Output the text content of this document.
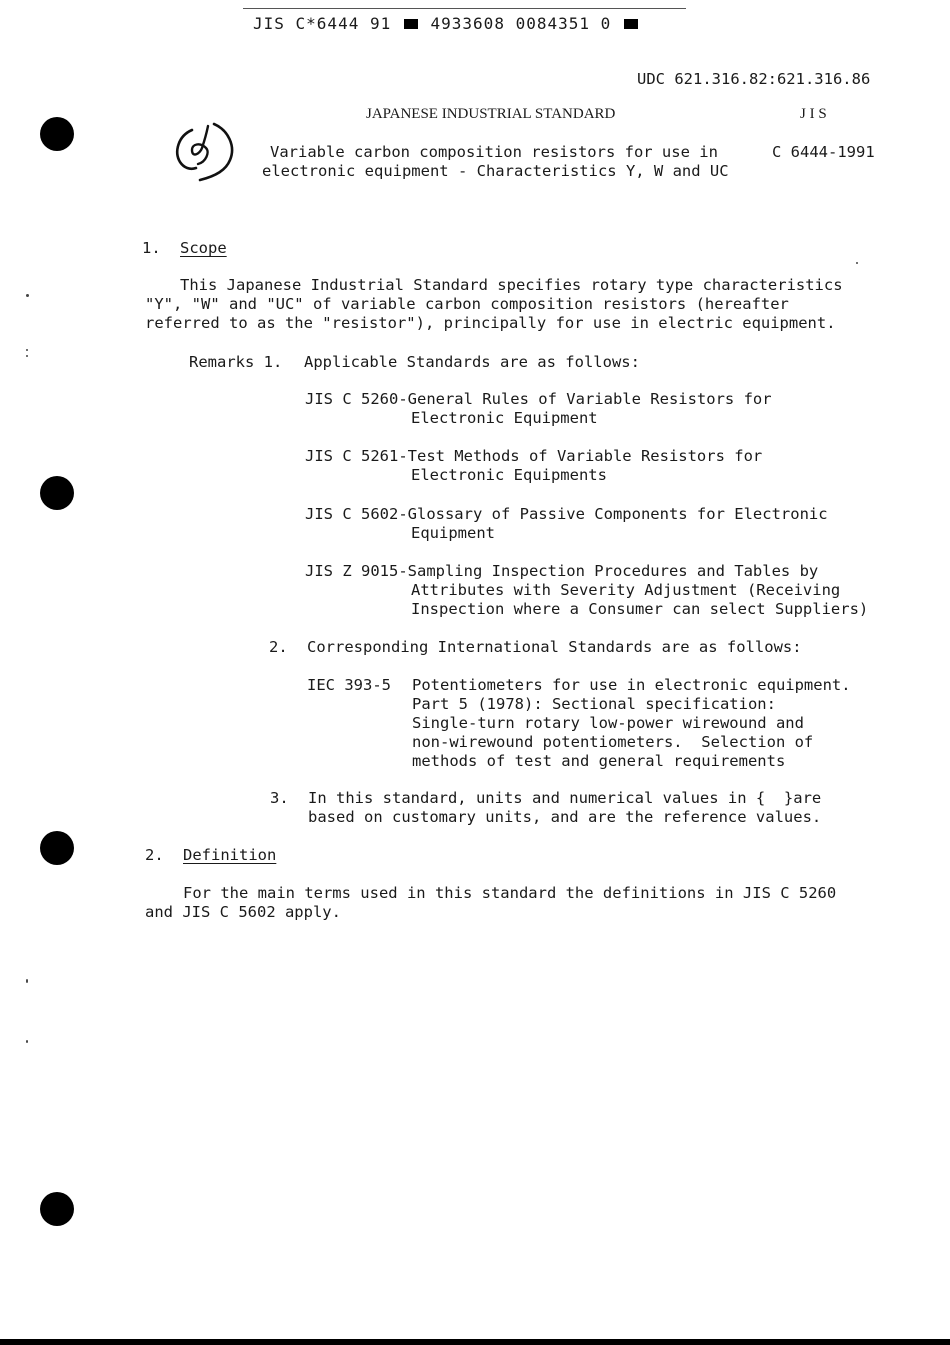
JIS C*6444 91 4933608 0084351 0
UDC 621.316.82:621.316.86
JAPANESE INDUSTRIAL STANDARD	J I S
Variable carbon composition resistors for use in
electronic equipment - Characteristics Y, W and UC
C 6444-1991
1. Scope
This Japanese Industrial Standard specifies rotary type characteristics
"Y", "W" and "UC" of variable carbon composition resistors (hereafter
referred to as the "resistor"), principally for use in electric equipment.
Remarks 1. Applicable Standards are as follows:
JIS C 5260-General Rules of Variable Resistors for
Electronic Equipment
JIS C 5261-Test Methods of Variable Resistors for
Electronic Equipments
JIS C 5602-Glossary of Passive Components for Electronic
Equipment
JIS Z 9015-Sampling Inspection Procedures and Tables by
Attributes with Severity Adjustment (Receiving
Inspection where a Consumer can select Suppliers)
2. Corresponding International Standards are as follows:
IEC 393-5 Potentiometers for use in electronic equipment.
Part 5 (1978): Sectional specification:
Single-turn rotary low-power wirewound and
non-wirewound potentiometers.  Selection of
methods of test and general requirements
3. In this standard, units and numerical values in {  }are
based on customary units, and are the reference values.
2. Definition
For the main terms used in this standard the definitions in JIS C 5260
and JIS C 5602 apply.
